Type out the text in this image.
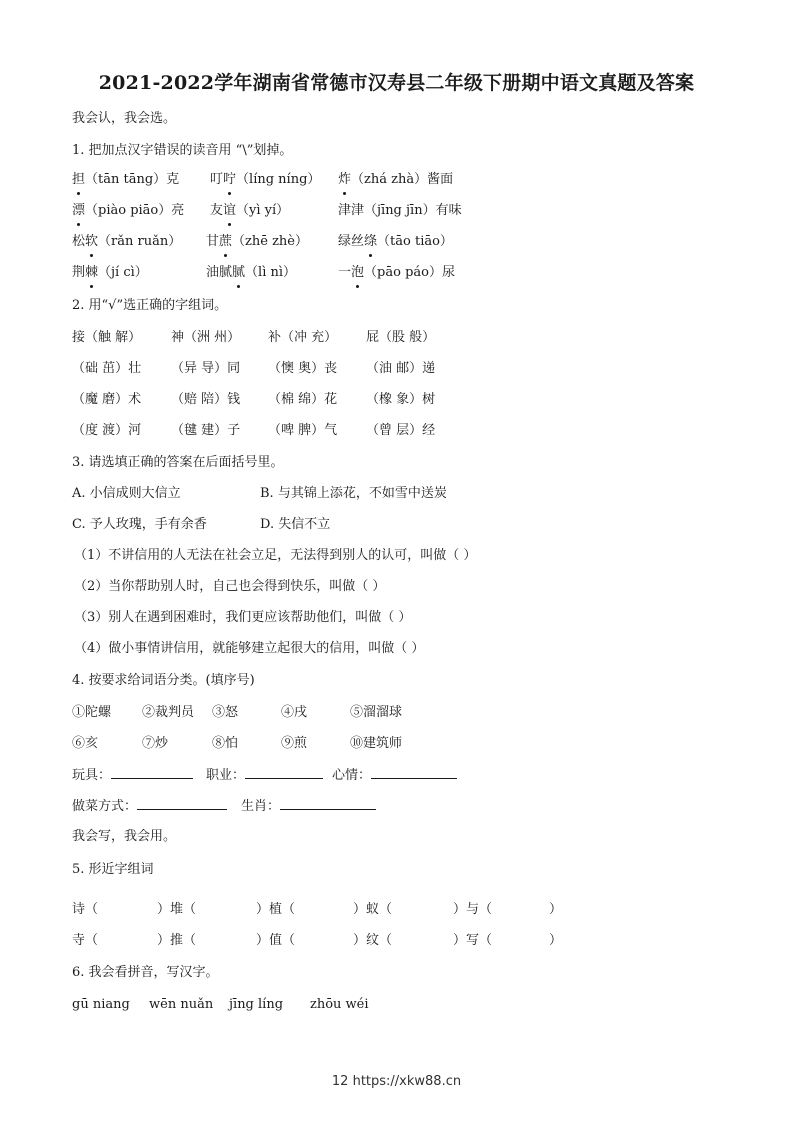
2021-2022学年湖南省常德市汉寿县二年级下册期中语文真题及答案
我会认，我会选。
1. 把加点汉字错误的读音用 “\”划掉。
担（tān tāng）克 叮咛（líng níng） 炸（zhá zhà）酱面
漂（piào piāo）亮 友谊（yì yí）	津津（jīng jīn）有味
松软（rǎn ruǎn） 甘蔗（zhē zhè） 绿丝绦（tāo tiāo）
荆棘（jí cì）	油腻腻（lì nì）	一泡（pāo páo）尿
2. 用“√”选正确的字组词。
接（触 解） 神（洲 州） 补（冲 充） 屁（股 般）
（础 茁）壮 （异 导）同 （懊 奥）丧 （油 邮）递
（魔 磨）术 （赔 陪）钱 （棉 绵）花 （橡 象）树
（度 渡）河 （毽 建）子 （啤 脾）气 （曾 层）经
3. 请选填正确的答案在后面括号里。
A. 小信成则大信立	B. 与其锦上添花，不如雪中送炭
C. 予人玫瑰，手有余香	D. 失信不立
（1）不讲信用的人无法在社会立足，无法得到别人的认可，叫做（ ）
（2）当你帮助别人时，自己也会得到快乐，叫做（ ）
（3）别人在遇到困难时，我们更应该帮助他们，叫做（ ）
（4）做小事情讲信用，就能够建立起很大的信用，叫做（ ）
4. 按要求给词语分类。(填序号)
①陀螺 ②裁判员 ③怒	④戌	⑤溜溜球
⑥亥	⑦炒	⑧怕	⑨煎	⑩建筑师
玩具：	职业：	心情：
做菜方式：	生肖：
我会写，我会用。
5. 形近字组词
诗（	）堆（	）植（	）蚁（	）与（	）
寺（	）推（	）值（	）纹（	）写（	）
6. 我会看拼音，写汉字。
gū niang wēn nuǎn jīng líng zhōu wéi
12 https://xkw88.cn
